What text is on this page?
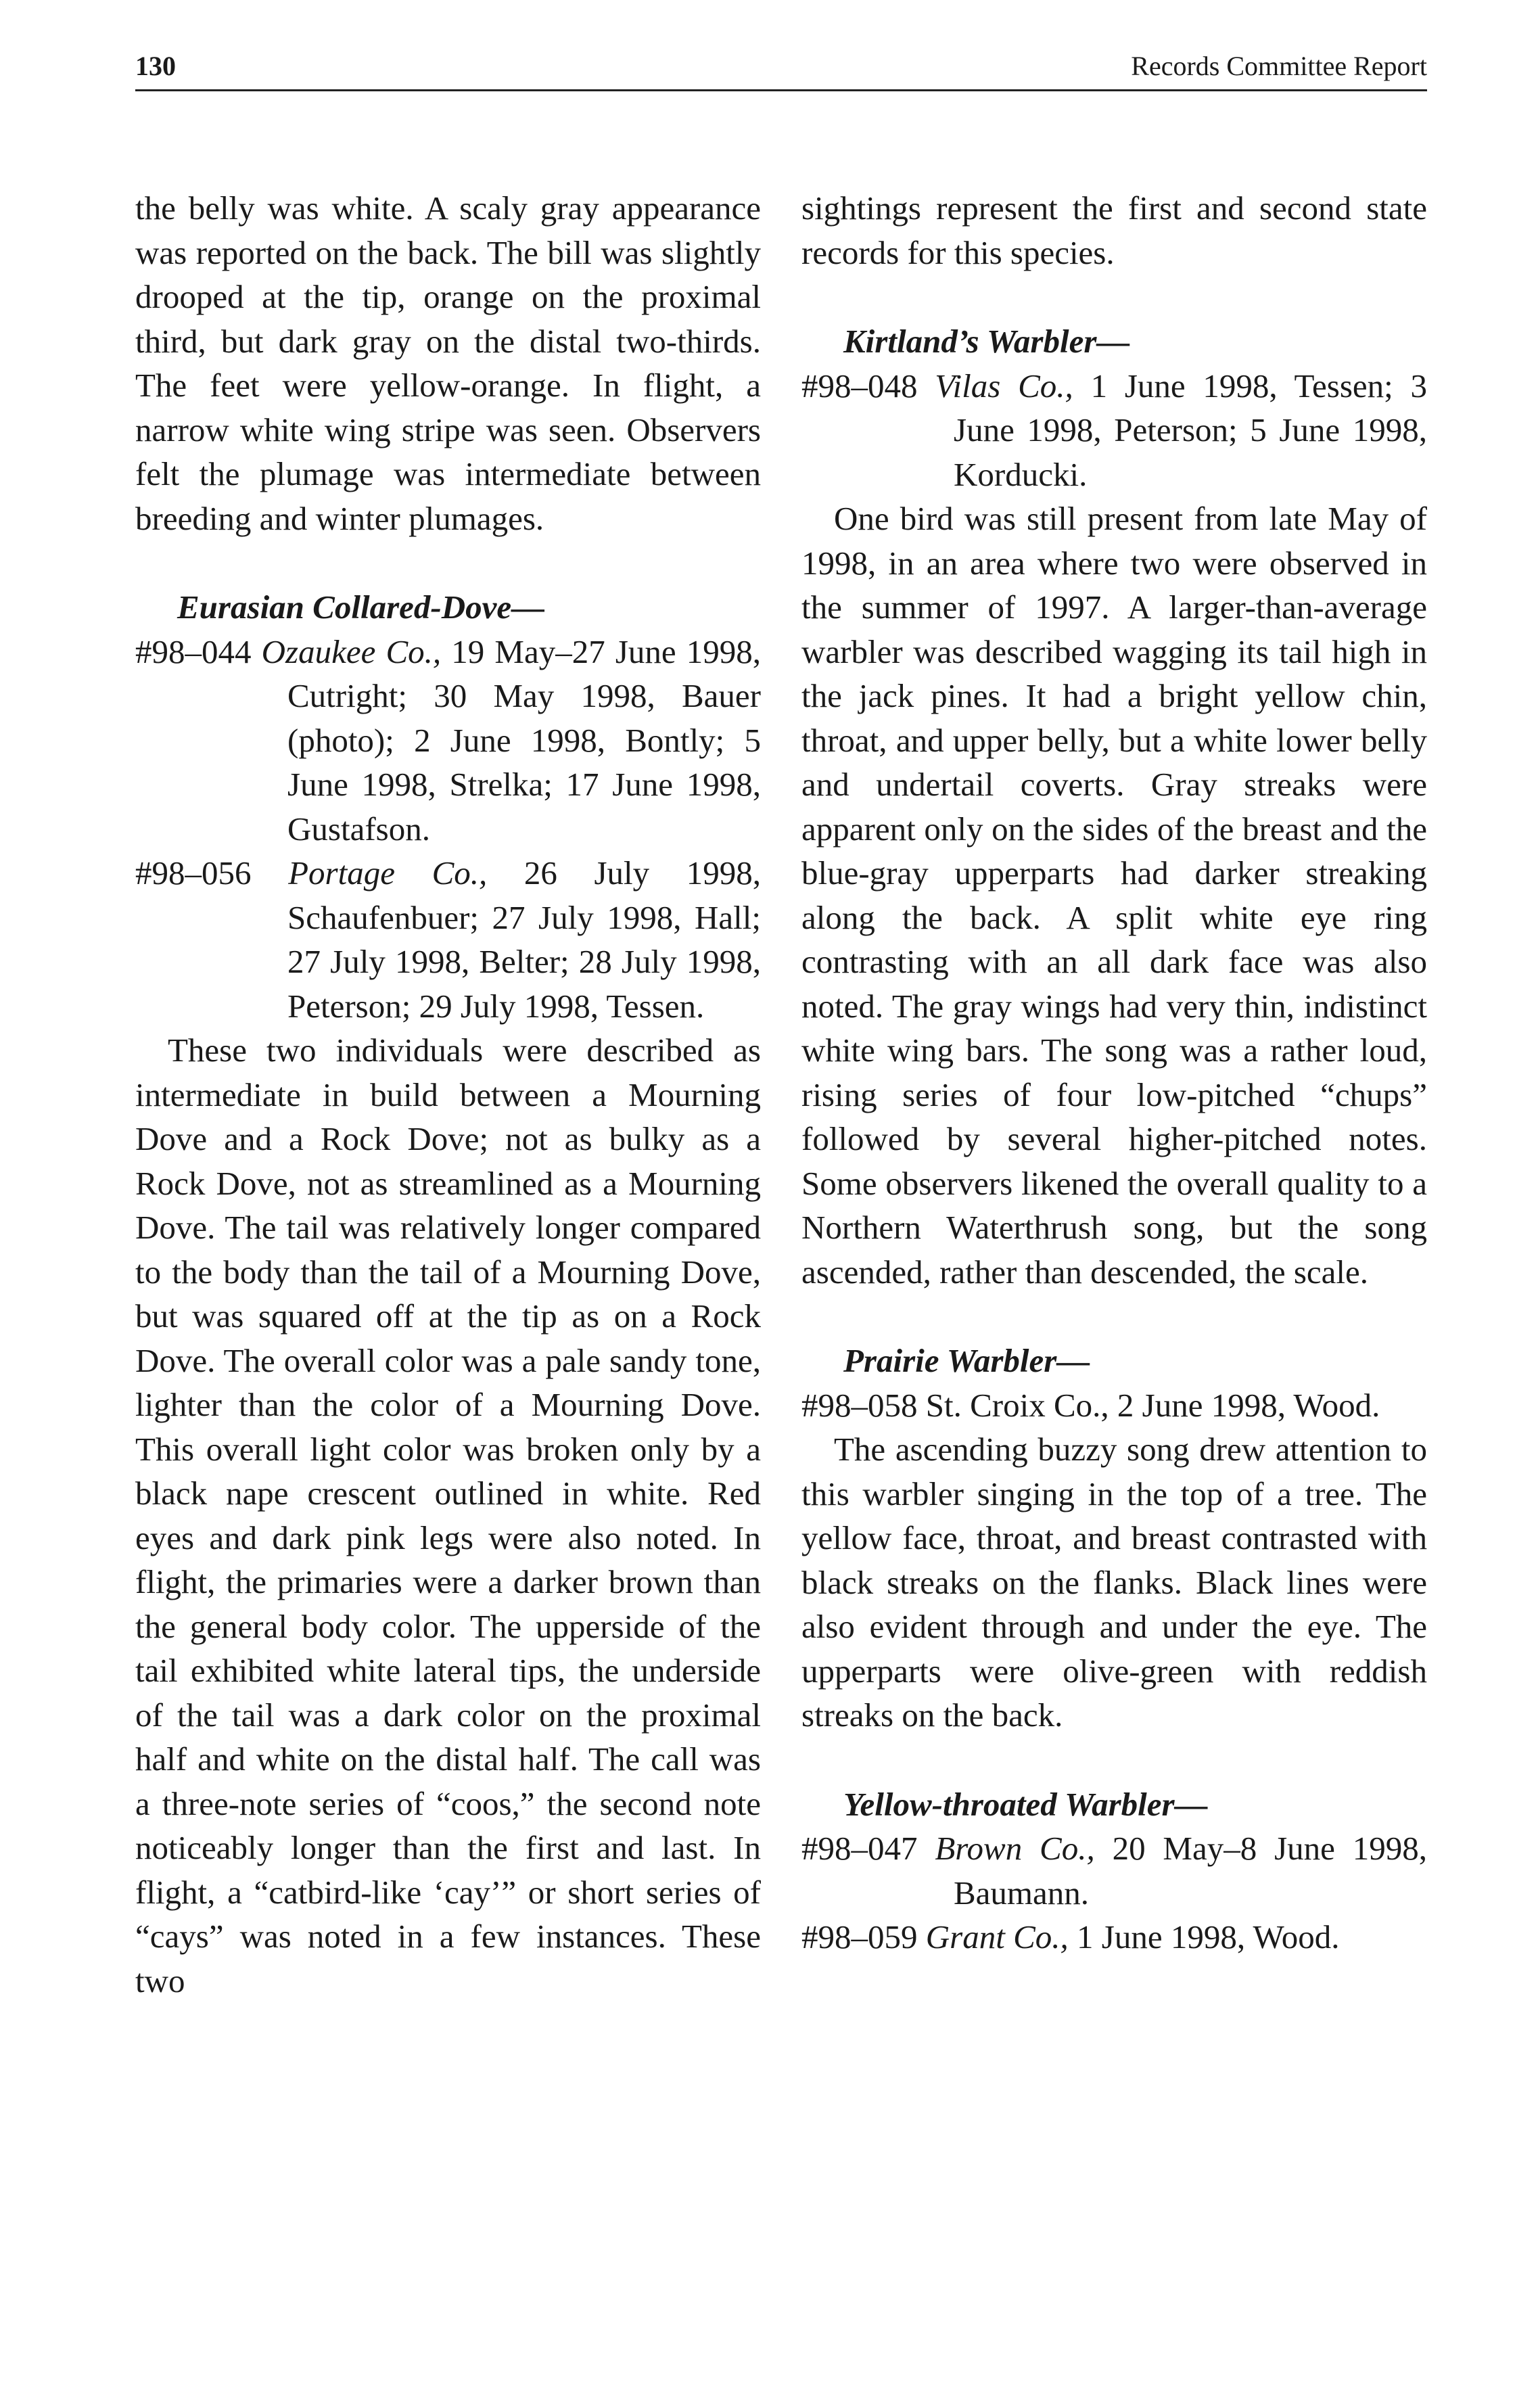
130	Records Committee Report

the belly was white. A scaly gray appearance was reported on the back. The bill was slightly drooped at the tip, orange on the proximal third, but dark gray on the distal two-thirds. The feet were yellow-orange. In flight, a narrow white wing stripe was seen. Observers felt the plumage was intermediate between breeding and winter plumages.

Eurasian Collared-Dove—

#98–044 Ozaukee Co., 19 May–27 June 1998, Cutright; 30 May 1998, Bauer (photo); 2 June 1998, Bontly; 5 June 1998, Strelka; 17 June 1998, Gustafson.

#98–056 Portage Co., 26 July 1998, Schaufenbuer; 27 July 1998, Hall; 27 July 1998, Belter; 28 July 1998, Peterson; 29 July 1998, Tessen.

These two individuals were described as intermediate in build between a Mourning Dove and a Rock Dove; not as bulky as a Rock Dove, not as streamlined as a Mourning Dove. The tail was relatively longer compared to the body than the tail of a Mourning Dove, but was squared off at the tip as on a Rock Dove. The overall color was a pale sandy tone, lighter than the color of a Mourning Dove. This overall light color was broken only by a black nape crescent outlined in white. Red eyes and dark pink legs were also noted. In flight, the primaries were a darker brown than the general body color. The upperside of the tail exhibited white lateral tips, the underside of the tail was a dark color on the proximal half and white on the distal half. The call was a three-note series of “coos,” the second note noticeably longer than the first and last. In flight, a “catbird-like ‘cay’” or short series of “cays” was noted in a few instances. These two

sightings represent the first and second state records for this species.

Kirtland’s Warbler—

#98–048 Vilas Co., 1 June 1998, Tessen; 3 June 1998, Peterson; 5 June 1998, Korducki.

One bird was still present from late May of 1998, in an area where two were observed in the summer of 1997. A larger-than-average warbler was described wagging its tail high in the jack pines. It had a bright yellow chin, throat, and upper belly, but a white lower belly and undertail coverts. Gray streaks were apparent only on the sides of the breast and the blue-gray upperparts had darker streaking along the back. A split white eye ring contrasting with an all dark face was also noted. The gray wings had very thin, indistinct white wing bars. The song was a rather loud, rising series of four low-pitched “chups” followed by several higher-pitched notes. Some observers likened the overall quality to a Northern Waterthrush song, but the song ascended, rather than descended, the scale.

Prairie Warbler—

#98–058 St. Croix Co., 2 June 1998, Wood.

The ascending buzzy song drew attention to this warbler singing in the top of a tree. The yellow face, throat, and breast contrasted with black streaks on the flanks. Black lines were also evident through and under the eye. The upperparts were olive-green with reddish streaks on the back.

Yellow-throated Warbler—

#98–047 Brown Co., 20 May–8 June 1998, Baumann.

#98–059 Grant Co., 1 June 1998, Wood.
